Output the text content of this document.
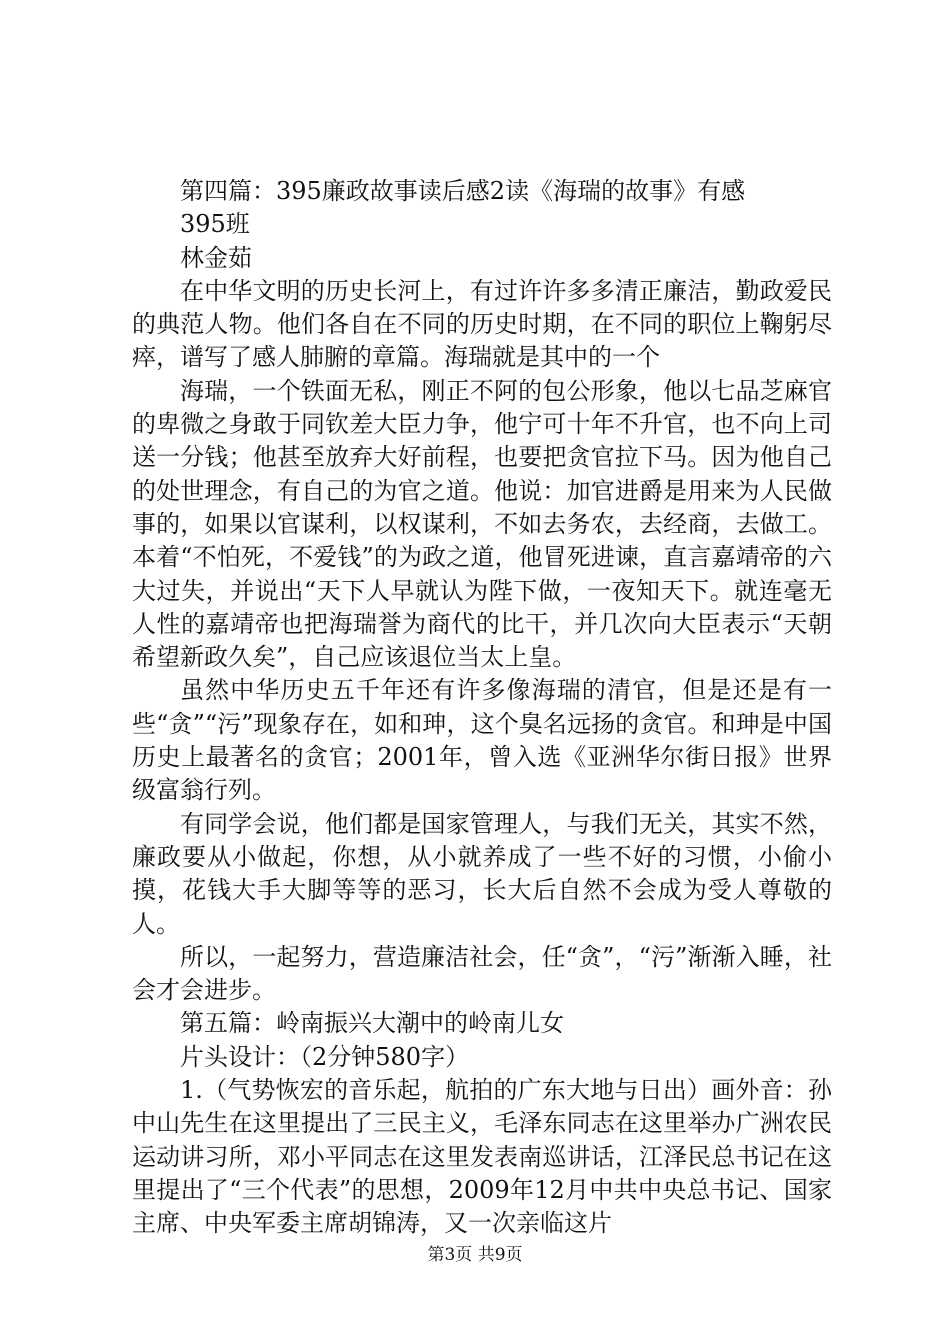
第四篇：395廉政故事读后感2读《海瑞的故事》有感

395班

林金茹

在中华文明的历史长河上，有过许许多多清正廉洁，勤政爱民的典范人物。他们各自在不同的历史时期，在不同的职位上鞠躬尽瘁，谱写了感人肺腑的章篇。海瑞就是其中的一个

海瑞，一个铁面无私，刚正不阿的包公形象，他以七品芝麻官的卑微之身敢于同钦差大臣力争，他宁可十年不升官，也不向上司送一分钱；他甚至放弃大好前程，也要把贪官拉下马。因为他自己的处世理念，有自己的为官之道。他说：加官进爵是用来为人民做事的，如果以官谋利，以权谋利，不如去务农，去经商，去做工。本着“不怕死，不爱钱”的为政之道，他冒死进谏，直言嘉靖帝的六大过失，并说出“天下人早就认为陛下做，一夜知天下。就连毫无人性的嘉靖帝也把海瑞誉为商代的比干，并几次向大臣表示“天朝希望新政久矣”，自己应该退位当太上皇。

虽然中华历史五千年还有许多像海瑞的清官，但是还是有一些“贪”“污”现象存在，如和珅，这个臭名远扬的贪官。和珅是中国历史上最著名的贪官；2001年，曾入选《亚洲华尔街日报》世界级富翁行列。

有同学会说，他们都是国家管理人，与我们无关，其实不然，廉政要从小做起，你想，从小就养成了一些不好的习惯，小偷小摸，花钱大手大脚等等的恶习，长大后自然不会成为受人尊敬的人。

所以，一起努力，营造廉洁社会，任“贪”，“污”渐渐入睡，社会才会进步。

第五篇：岭南振兴大潮中的岭南儿女

片头设计：（2分钟580字）

1.（气势恢宏的音乐起，航拍的广东大地与日出）画外音：孙中山先生在这里提出了三民主义，毛泽东同志在这里举办广洲农民运动讲习所，邓小平同志在这里发表南巡讲话，江泽民总书记在这里提出了“三个代表”的思想，2009年12月中共中央总书记、国家主席、中央军委主席胡锦涛，又一次亲临这片

第3页 共9页
